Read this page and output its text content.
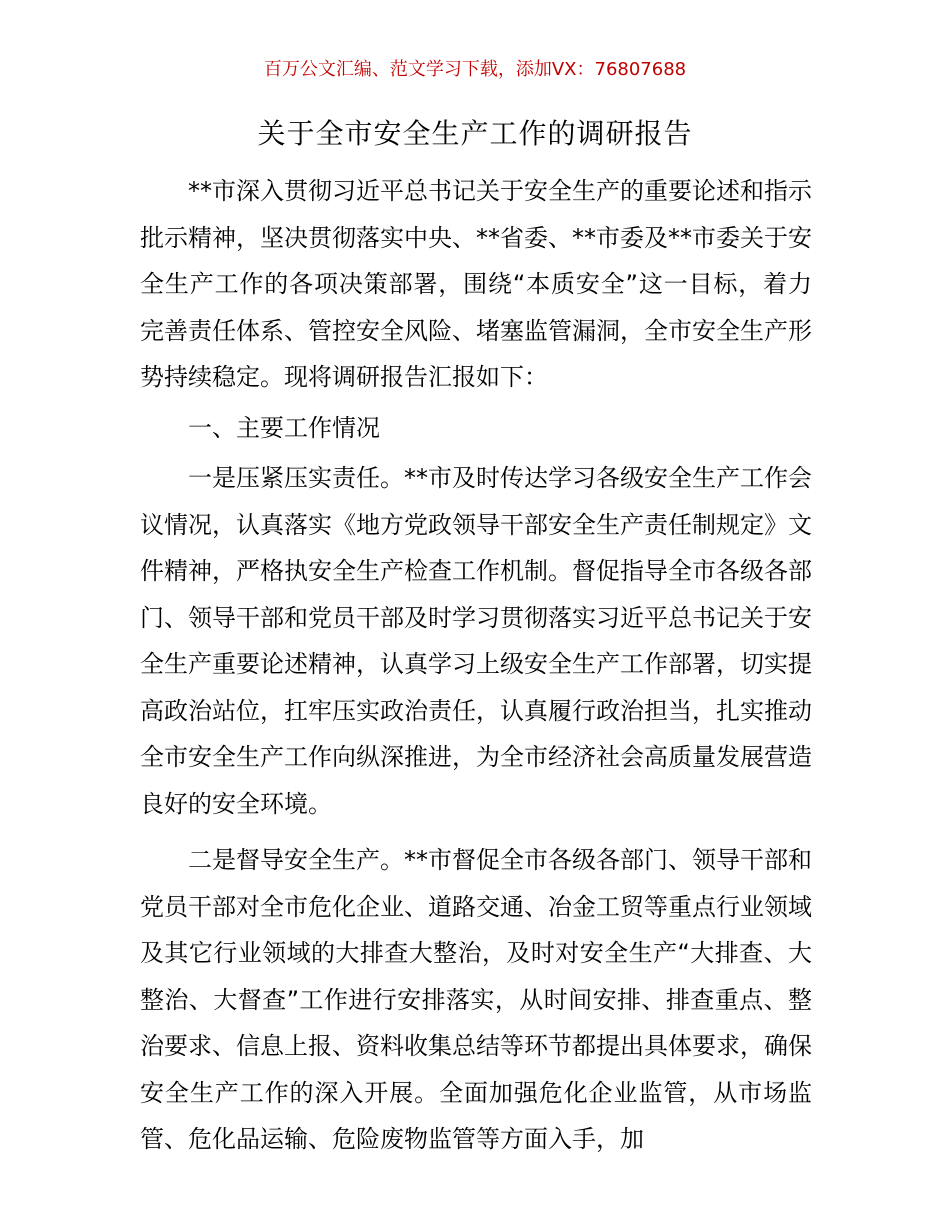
百万公文汇编、范文学习下载，添加VX：76807688

关于全市安全生产工作的调研报告

**市深入贯彻习近平总书记关于安全生产的重要论述和指示批示精神，坚决贯彻落实中央、**省委、**市委及**市委关于安全生产工作的各项决策部署，围绕“本质安全”这一目标，着力完善责任体系、管控安全风险、堵塞监管漏洞，全市安全生产形势持续稳定。现将调研报告汇报如下：

一、主要工作情况

一是压紧压实责任。**市及时传达学习各级安全生产工作会议情况，认真落实《地方党政领导干部安全生产责任制规定》文件精神，严格执安全生产检查工作机制。督促指导全市各级各部门、领导干部和党员干部及时学习贯彻落实习近平总书记关于安全生产重要论述精神，认真学习上级安全生产工作部署，切实提高政治站位，扛牢压实政治责任，认真履行政治担当，扎实推动全市安全生产工作向纵深推进，为全市经济社会高质量发展营造良好的安全环境。

二是督导安全生产。**市督促全市各级各部门、领导干部和党员干部对全市危化企业、道路交通、冶金工贸等重点行业领域及其它行业领域的大排查大整治，及时对安全生产“大排查、大整治、大督查”工作进行安排落实，从时间安排、排查重点、整治要求、信息上报、资料收集总结等环节都提出具体要求，确保安全生产工作的深入开展。全面加强危化企业监管，从市场监管、危化品运输、危险废物监管等方面入手，加
